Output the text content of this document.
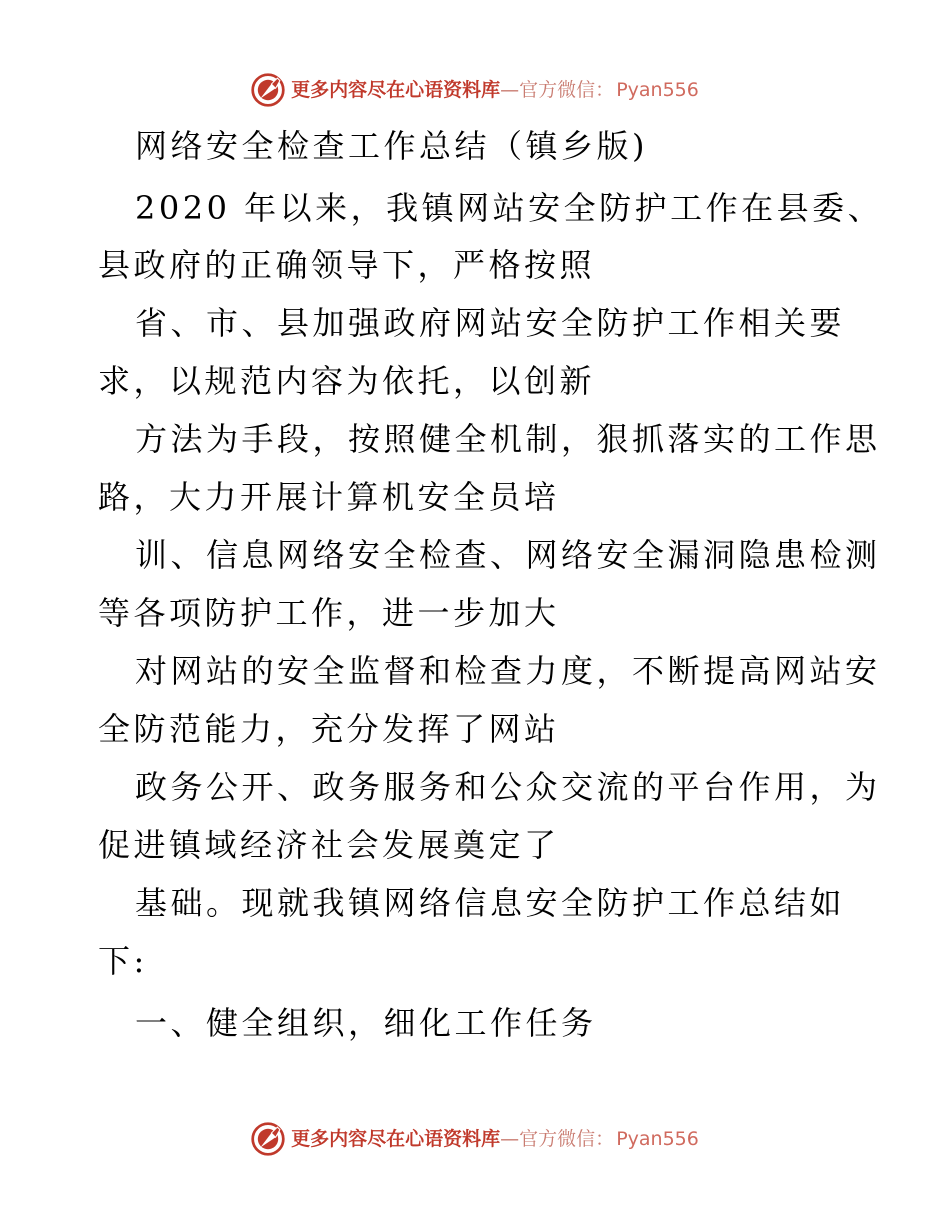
更多内容尽在心语资料库—官方微信： Pyan556
网络安全检查工作总结（镇乡版)
2020 年以来，我镇网站安全防护工作在县委、
县政府的正确领导下，严格按照
省、市、县加强政府网站安全防护工作相关要
求，以规范内容为依托，以创新
方法为手段，按照健全机制，狠抓落实的工作思
路，大力开展计算机安全员培
训、信息网络安全检查、网络安全漏洞隐患检测
等各项防护工作，进一步加大
对网站的安全监督和检查力度，不断提高网站安
全防范能力，充分发挥了网站
政务公开、政务服务和公众交流的平台作用，为
促进镇域经济社会发展奠定了
基础。现就我镇网络信息安全防护工作总结如
下:
一、健全组织，细化工作任务
更多内容尽在心语资料库—官方微信： Pyan556
